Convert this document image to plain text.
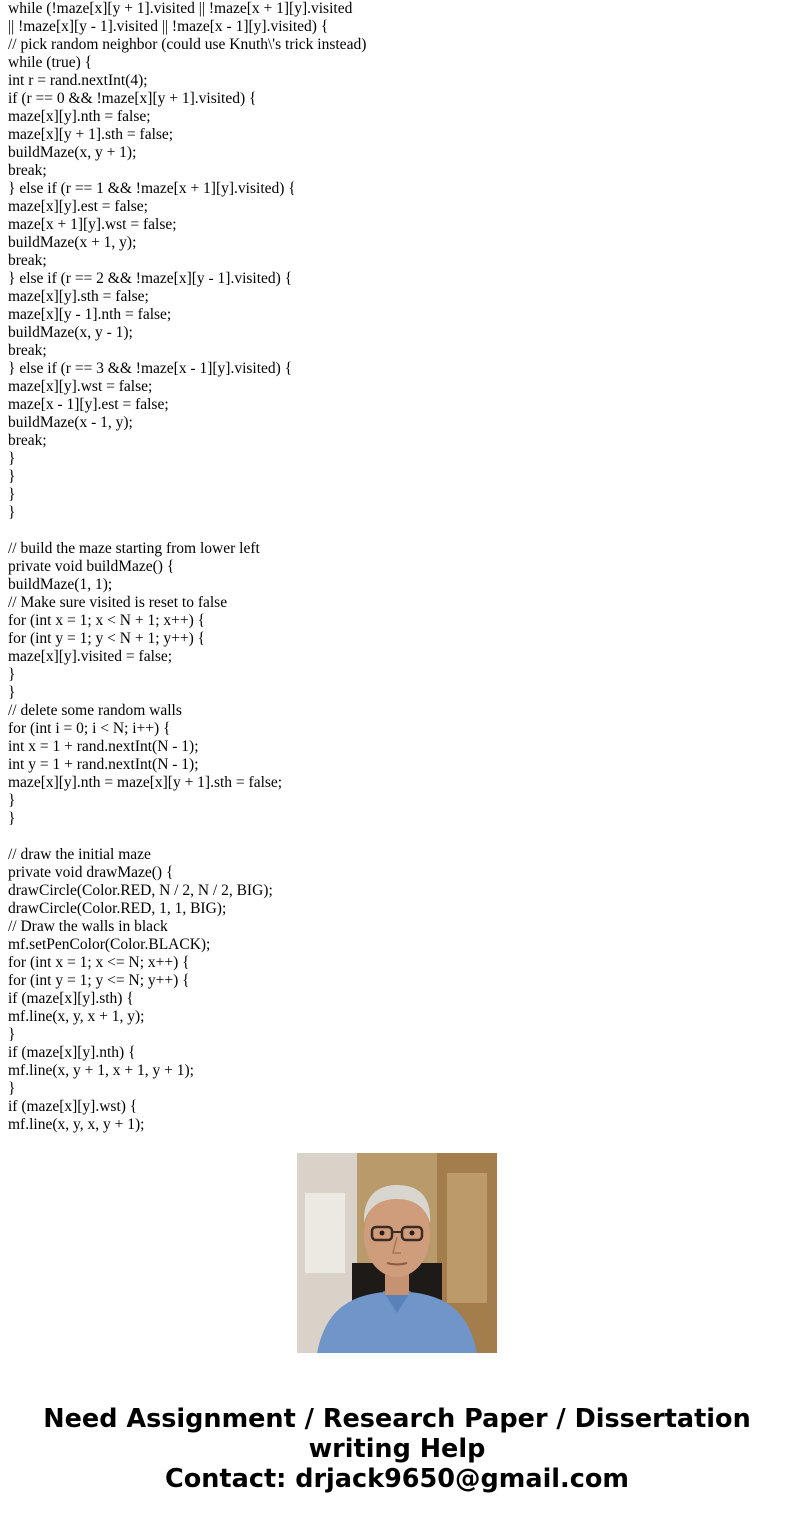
while (!maze[x][y + 1].visited || !maze[x + 1][y].visited
|| !maze[x][y - 1].visited || !maze[x - 1][y].visited) {
// pick random neighbor (could use Knuth\'s trick instead)
while (true) {
int r = rand.nextInt(4);
if (r == 0 && !maze[x][y + 1].visited) {
maze[x][y].nth = false;
maze[x][y + 1].sth = false;
buildMaze(x, y + 1);
break;
} else if (r == 1 && !maze[x + 1][y].visited) {
maze[x][y].est = false;
maze[x + 1][y].wst = false;
buildMaze(x + 1, y);
break;
} else if (r == 2 && !maze[x][y - 1].visited) {
maze[x][y].sth = false;
maze[x][y - 1].nth = false;
buildMaze(x, y - 1);
break;
} else if (r == 3 && !maze[x - 1][y].visited) {
maze[x][y].wst = false;
maze[x - 1][y].est = false;
buildMaze(x - 1, y);
break;
}
}
}
}
// build the maze starting from lower left
private void buildMaze() {
buildMaze(1, 1);
// Make sure visited is reset to false
for (int x = 1; x < N + 1; x++) {
for (int y = 1; y < N + 1; y++) {
maze[x][y].visited = false;
}
}
// delete some random walls
for (int i = 0; i < N; i++) {
int x = 1 + rand.nextInt(N - 1);
int y = 1 + rand.nextInt(N - 1);
maze[x][y].nth = maze[x][y + 1].sth = false;
}
}
// draw the initial maze
private void drawMaze() {
drawCircle(Color.RED, N / 2, N / 2, BIG);
drawCircle(Color.RED, 1, 1, BIG);
// Draw the walls in black
mf.setPenColor(Color.BLACK);
for (int x = 1; x <= N; x++) {
for (int y = 1; y <= N; y++) {
if (maze[x][y].sth) {
mf.line(x, y, x + 1, y);
}
if (maze[x][y].nth) {
mf.line(x, y + 1, x + 1, y + 1);
}
if (maze[x][y].wst) {
mf.line(x, y, x, y + 1);
Need Assignment / Research Paper / Dissertation
writing Help
Contact: drjack9650@gmail.com
